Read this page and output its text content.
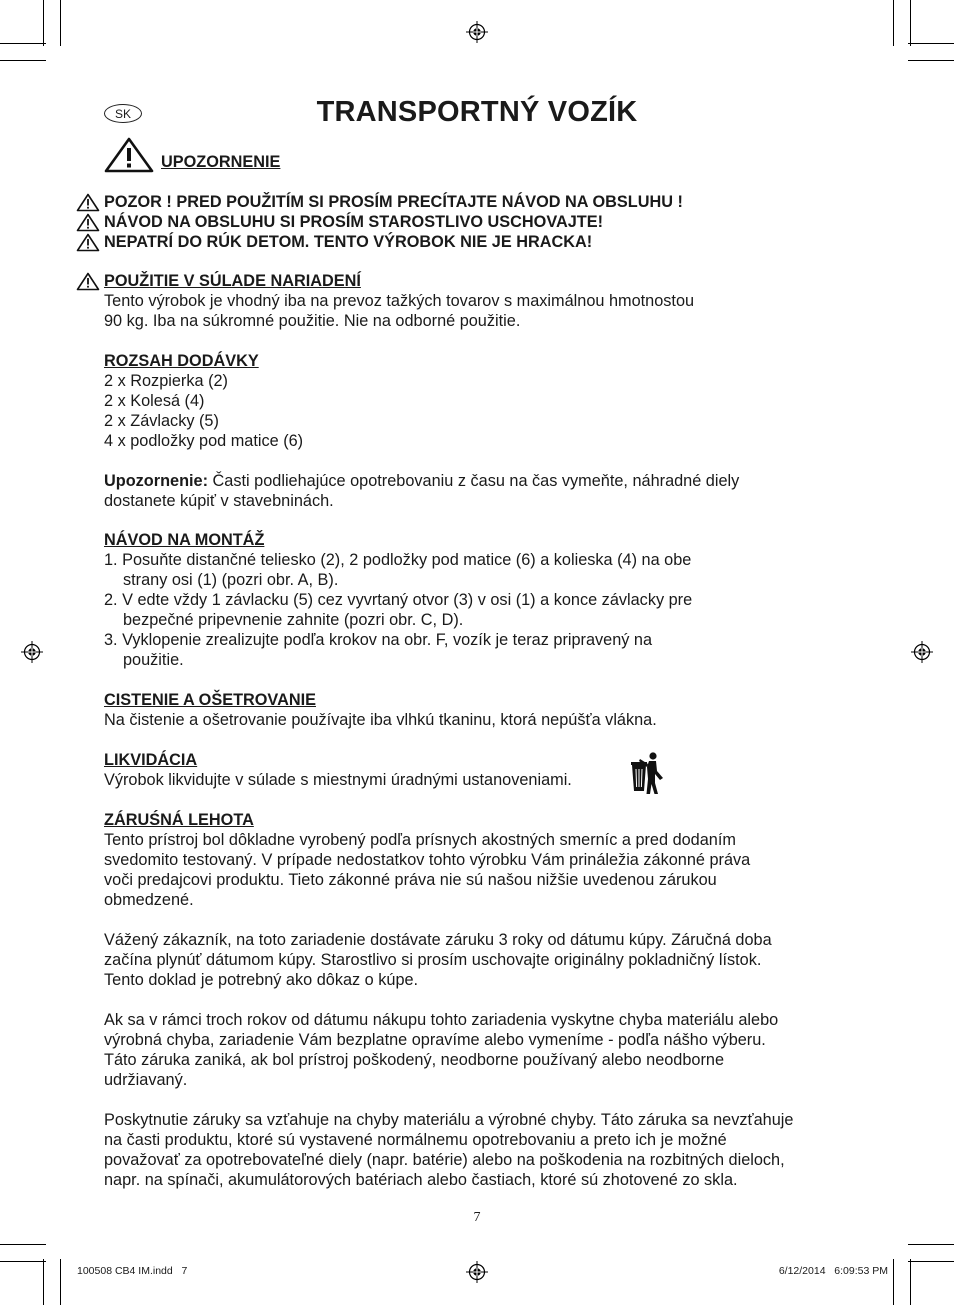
SK	TRANSPORTNÝ VOZÍK
UPOZORNENIE
POZOR ! PRED POUŽITÍM SI PROSÍM PRECÍTAJTE NÁVOD NA OBSLUHU !
NÁVOD NA OBSLUHU SI PROSÍM STAROSTLIVO USCHOVAJTE!
NEPATRÍ DO RÚK DETOM. TENTO VÝROBOK NIE JE HRACKA!
POUŽITIE V SÚLADE NARIADENÍ
Tento výrobok je vhodný iba na prevoz tažkých tovarov s maximálnou hmotnostou
90 kg. Iba na súkromné použitie. Nie na odborné použitie.
ROZSAH DODÁVKY
2 x Rozpierka (2)
2 x Kolesá (4)
2 x Závlacky (5)
4 x podložky pod matice (6)
Upozornenie: Časti podliehajúce opotrebovaniu z času na čas vymeňte, náhradné diely
dostanete kúpiť v stavebninách.
NÁVOD NA MONTÁŽ
1. Posuňte distančné teliesko (2), 2 podložky pod matice (6) a kolieska (4) na obe
strany osi (1) (pozri obr. A, B).
2. V edte vždy 1 závlacku (5) cez vyvrtaný otvor (3) v osi (1) a konce závlacky pre
bezpečné pripevnenie zahnite (pozri obr. C, D).
3. Vyklopenie zrealizujte podľa krokov na obr. F, vozík je teraz pripravený na
použitie.
CISTENIE A OŠETROVANIE
Na čistenie a ošetrovanie používajte iba vlhkú tkaninu, ktorá nepúšťa vlákna.
LIKVIDÁCIA
Výrobok likvidujte v súlade s miestnymi úradnými ustanoveniami.
ZÁRUŚNÁ LEHOTA
Tento prístroj bol dôkladne vyrobený podľa prísnych akostných smerníc a pred dodaním
svedomito testovaný. V prípade nedostatkov tohto výrobku Vám prináležia zákonné práva
voči predajcovi produktu. Tieto zákonné práva nie sú našou nižšie uvedenou zárukou
obmedzené.
Vážený zákazník, na toto zariadenie dostávate záruku 3 roky od dátumu kúpy. Záručná doba
začína plynúť dátumom kúpy. Starostlivo si prosím uschovajte originálny pokladničný lístok.
Tento doklad je potrebný ako dôkaz o kúpe.
Ak sa v rámci troch rokov od dátumu nákupu tohto zariadenia vyskytne chyba materiálu alebo
výrobná chyba, zariadenie Vám bezplatne opravíme alebo vymeníme - podľa nášho výberu.
Táto záruka zaniká, ak bol prístroj poškodený, neodborne používaný alebo neodborne
udržiavaný.
Poskytnutie záruky sa vzťahuje na chyby materiálu a výrobné chyby. Táto záruka sa nevzťahuje
na časti produktu, ktoré sú vystavené normálnemu opotrebovaniu a preto ich je možné
považovať za opotrebovateľné diely (napr. batérie) alebo na poškodenia na rozbitných dieloch,
napr. na spínači, akumulátorových batériach alebo častiach, ktoré sú zhotovené zo skla.
7
100508 CB4 IM.indd   7	6/12/2014   6:09:53 PM
